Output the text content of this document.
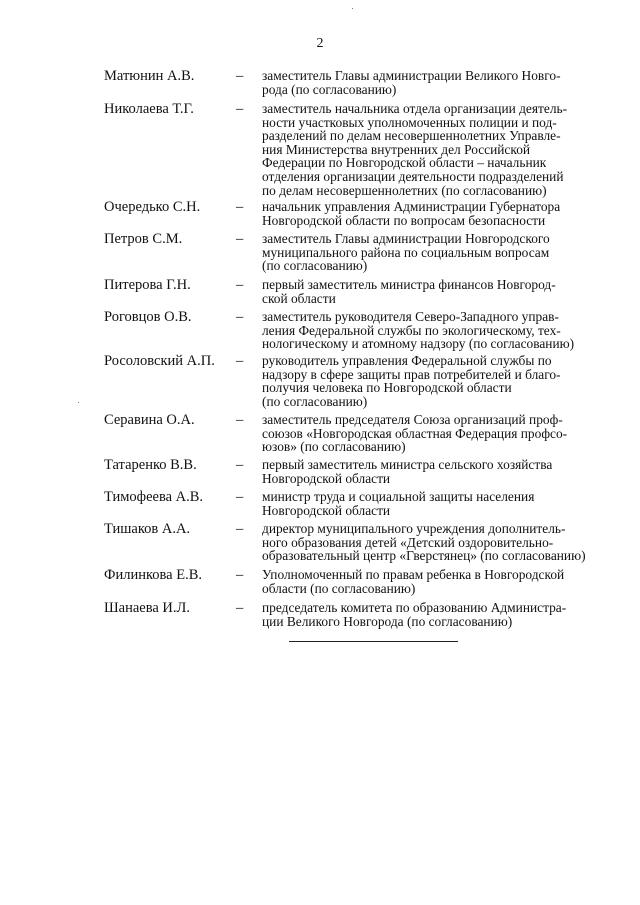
2
Матюнин А.В.	–	заместитель Главы администрации Великого Новго-
рода (по согласованию)
Николаева Т.Г.	–	заместитель начальника отдела организации деятель-
ности участковых уполномоченных полиции и под-
разделений по делам несовершеннолетних Управле-
ния Министерства внутренних дел Российской
Федерации по Новгородской области – начальник
отделения организации деятельности подразделений
по делам несовершеннолетних (по согласованию)
Очередько С.Н.	–	начальник управления Администрации Губернатора
Новгородской области по вопросам безопасности
Петров С.М.	–	заместитель Главы администрации Новгородского
муниципального района по социальным вопросам
(по согласованию)
Питерова Г.Н.	–	первый заместитель министра финансов Новгород-
ской области
Роговцов О.В.	–	заместитель руководителя Северо-Западного управ-
ления Федеральной службы по экологическому, тех-
нологическому и атомному надзору (по согласованию)
Росоловский А.П.	–	руководитель управления Федеральной службы по
надзору в сфере защиты прав потребителей и благо-
получия человека по Новгородской области
(по согласованию)
Серавина О.А.	–	заместитель председателя Союза организаций проф-
союзов «Новгородская областная Федерация профсо-
юзов» (по согласованию)
Татаренко В.В.	–	первый заместитель министра сельского хозяйства
Новгородской области
Тимофеева А.В.	–	министр труда и социальной защиты населения
Новгородской области
Тишаков А.А.	–	директор муниципального учреждения дополнитель-
ного образования детей «Детский оздоровительно-
образовательный центр «Гверстянец» (по согласованию)
Филинкова Е.В.	–	Уполномоченный по правам ребенка в Новгородской
области (по согласованию)
Шанаева И.Л.	–	председатель комитета по образованию Администра-
ции Великого Новгорода (по согласованию)
